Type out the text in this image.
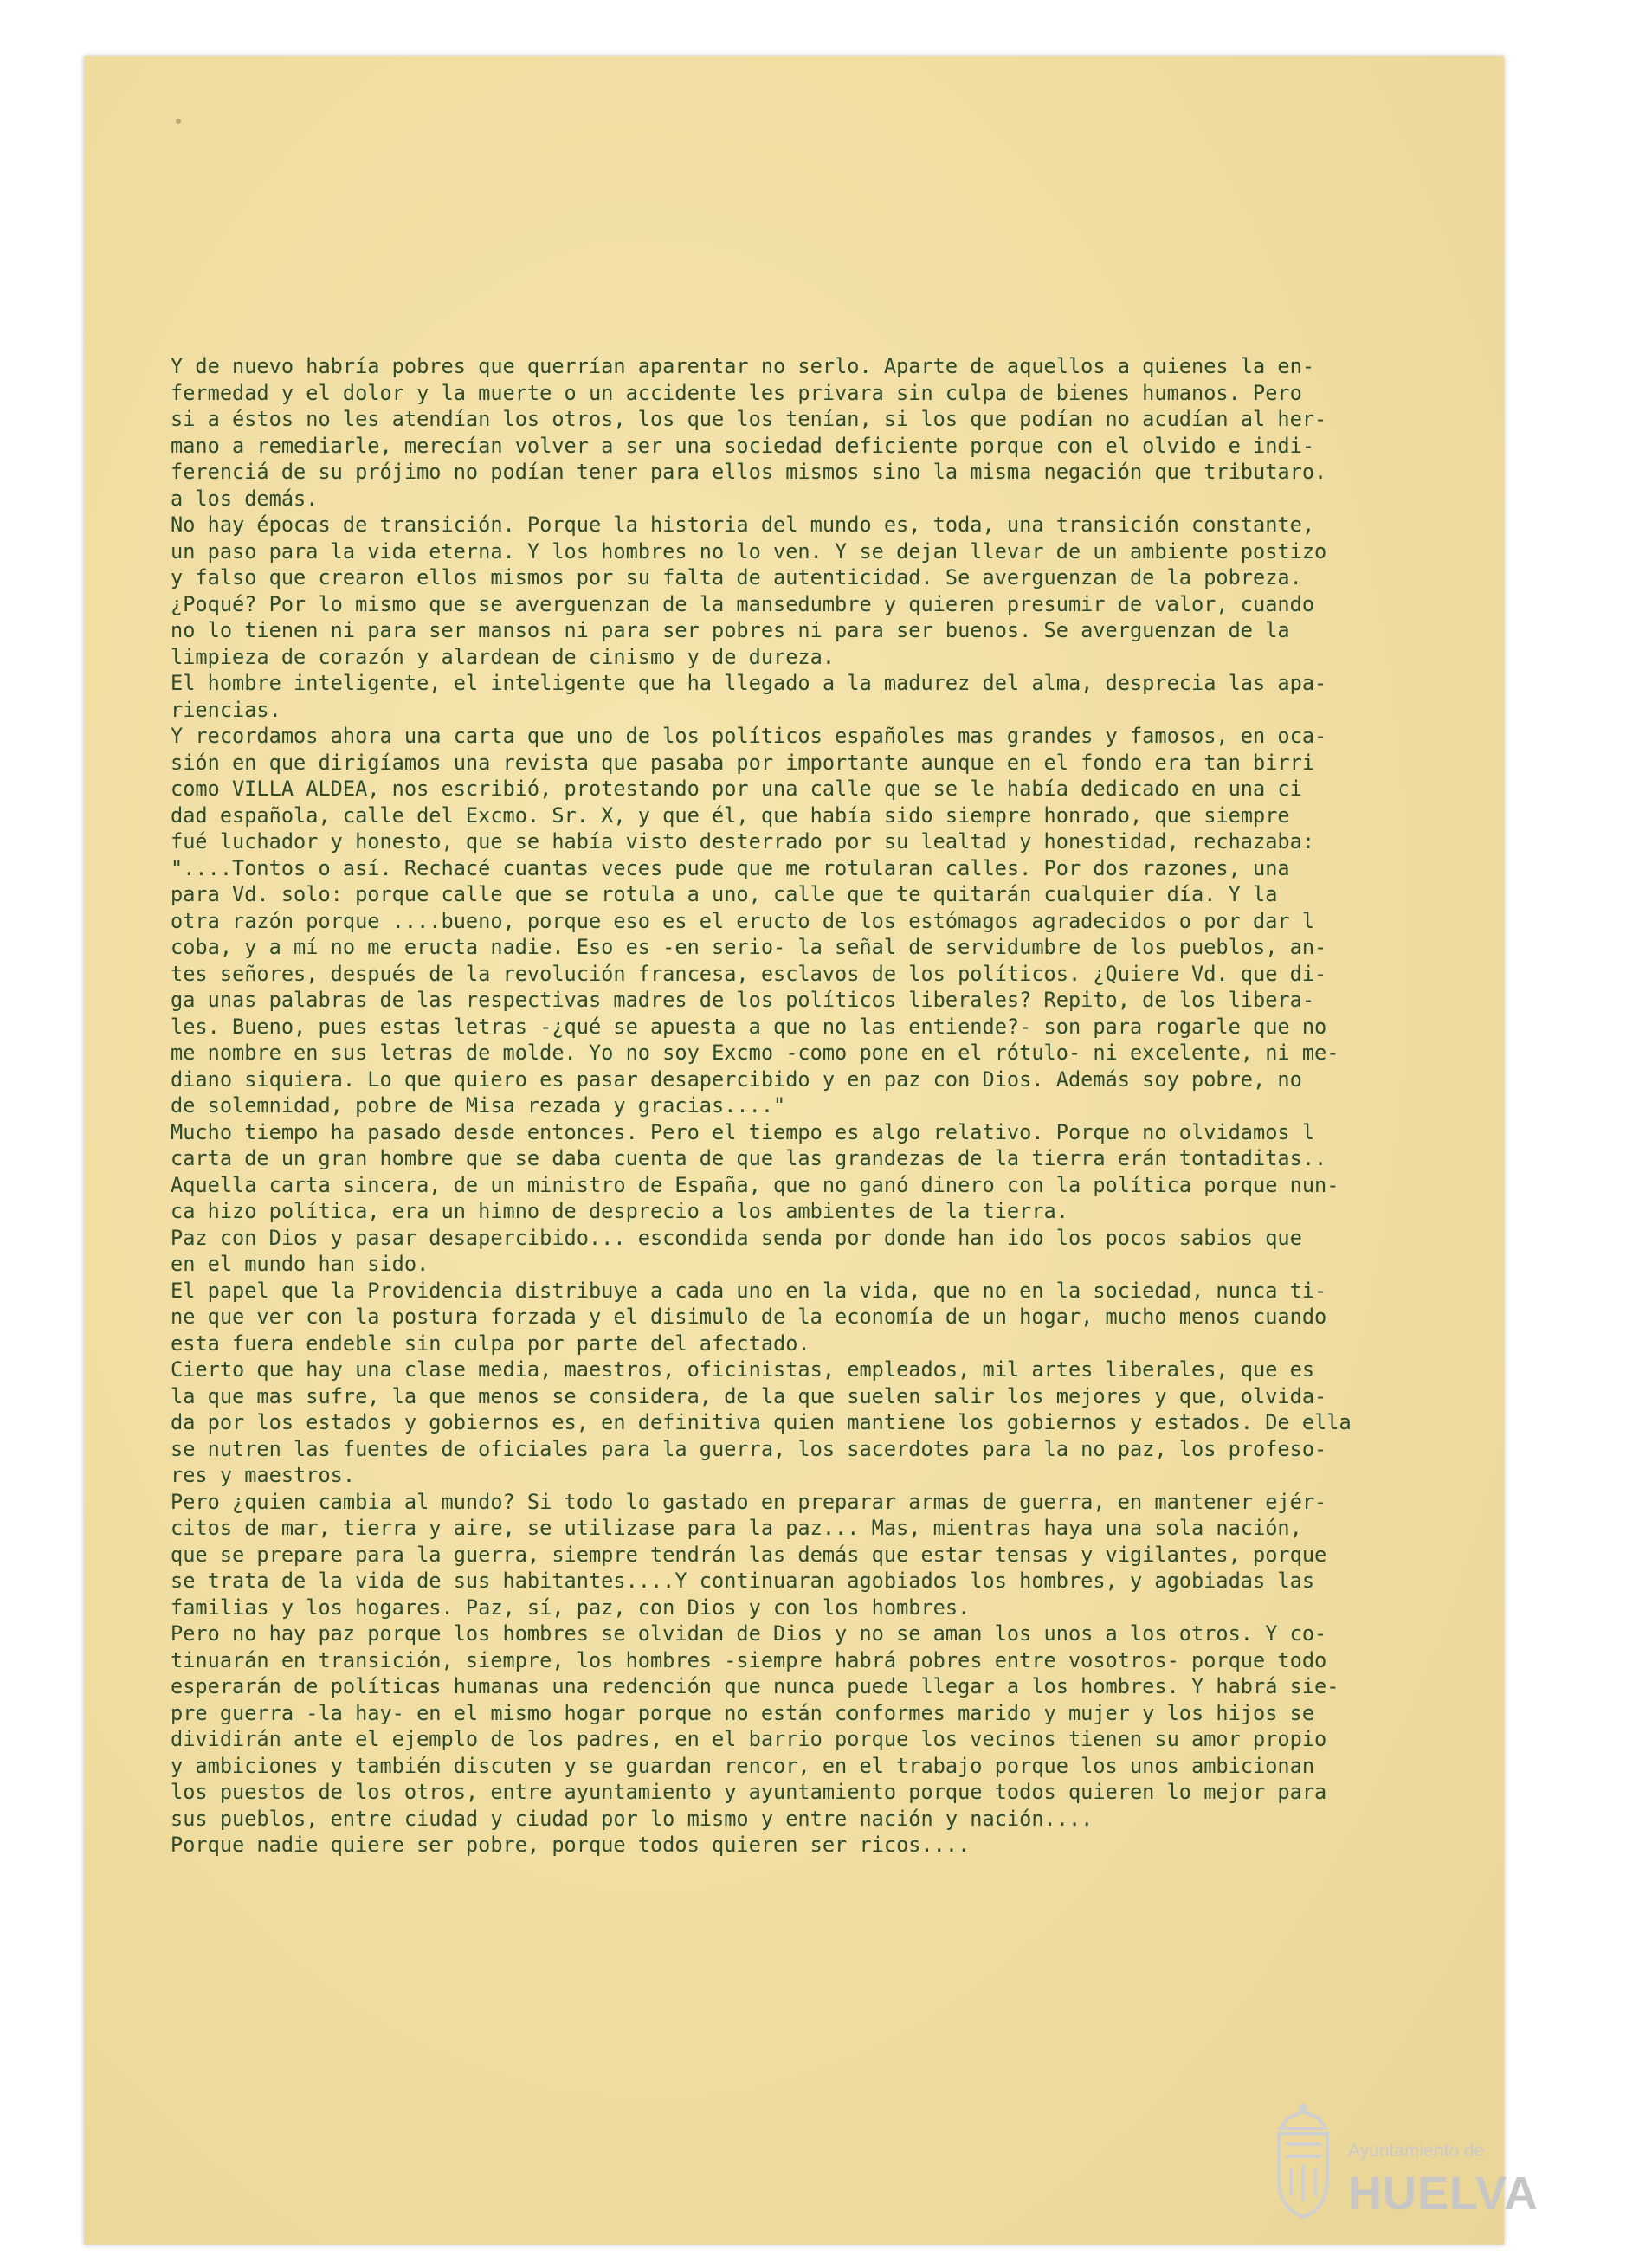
Y de nuevo habría pobres que querrían aparentar no serlo. Aparte de aquellos a quienes la en-
fermedad y el dolor y la muerte o un accidente les privara sin culpa de bienes humanos. Pero
si a éstos no les atendían los otros, los que los tenían, si los que podían no acudían al her-
mano a remediarle, merecían volver a ser una sociedad deficiente porque con el olvido e indi-
ferenciá de su prójimo no podían tener para ellos mismos sino la misma negación que tributaro.
a los demás.
No hay épocas de transición. Porque la historia del mundo es, toda, una transición constante,
un paso para la vida eterna. Y los hombres no lo ven. Y se dejan llevar de un ambiente postizo
y falso que crearon ellos mismos por su falta de autenticidad. Se averguenzan de la pobreza.
¿Poqué? Por lo mismo que se averguenzan de la mansedumbre y quieren presumir de valor, cuando
no lo tienen ni para ser mansos ni para ser pobres ni para ser buenos. Se averguenzan de la
limpieza de corazón y alardean de cinismo y de dureza.
El hombre inteligente, el inteligente que ha llegado a la madurez del alma, desprecia las apa-
riencias.
Y recordamos ahora una carta que uno de los políticos españoles mas grandes y famosos, en oca-
sión en que dirigíamos una revista que pasaba por importante aunque en el fondo era tan birri
como VILLA ALDEA, nos escribió, protestando por una calle que se le había dedicado en una ci
dad española, calle del Excmo. Sr. X, y que él, que había sido siempre honrado, que siempre
fué luchador y honesto, que se había visto desterrado por su lealtad y honestidad, rechazaba:
"....Tontos o así. Rechacé cuantas veces pude que me rotularan calles. Por dos razones, una
para Vd. solo: porque calle que se rotula a uno, calle que te quitarán cualquier día. Y la
otra razón porque ....bueno, porque eso es el eructo de los estómagos agradecidos o por dar l
coba, y a mí no me eructa nadie. Eso es -en serio- la señal de servidumbre de los pueblos, an-
tes señores, después de la revolución francesa, esclavos de los políticos. ¿Quiere Vd. que di-
ga unas palabras de las respectivas madres de los políticos liberales? Repito, de los libera-
les. Bueno, pues estas letras -¿qué se apuesta a que no las entiende?- son para rogarle que no
me nombre en sus letras de molde. Yo no soy Excmo -como pone en el rótulo- ni excelente, ni me-
diano siquiera. Lo que quiero es pasar desapercibido y en paz con Dios. Además soy pobre, no
de solemnidad, pobre de Misa rezada y gracias...."
Mucho tiempo ha pasado desde entonces. Pero el tiempo es algo relativo. Porque no olvidamos l
carta de un gran hombre que se daba cuenta de que las grandezas de la tierra erán tontaditas..
Aquella carta sincera, de un ministro de España, que no ganó dinero con la política porque nun-
ca hizo política, era un himno de desprecio a los ambientes de la tierra.
Paz con Dios y pasar desapercibido... escondida senda por donde han ido los pocos sabios que
en el mundo han sido.
El papel que la Providencia distribuye a cada uno en la vida, que no en la sociedad, nunca ti-
ne que ver con la postura forzada y el disimulo de la economía de un hogar, mucho menos cuando
esta fuera endeble sin culpa por parte del afectado.
Cierto que hay una clase media, maestros, oficinistas, empleados, mil artes liberales, que es
la que mas sufre, la que menos se considera, de la que suelen salir los mejores y que, olvida-
da por los estados y gobiernos es, en definitiva quien mantiene los gobiernos y estados. De ella
se nutren las fuentes de oficiales para la guerra, los sacerdotes para la no paz, los profeso-
res y maestros.
Pero ¿quien cambia al mundo? Si todo lo gastado en preparar armas de guerra, en mantener ejér-
citos de mar, tierra y aire, se utilizase para la paz... Mas, mientras haya una sola nación,
que se prepare para la guerra, siempre tendrán las demás que estar tensas y vigilantes, porque
se trata de la vida de sus habitantes....Y continuaran agobiados los hombres, y agobiadas las
familias y los hogares. Paz, sí, paz, con Dios y con los hombres.
Pero no hay paz porque los hombres se olvidan de Dios y no se aman los unos a los otros. Y co-
tinuarán en transición, siempre, los hombres -siempre habrá pobres entre vosotros- porque todo
esperarán de políticas humanas una redención que nunca puede llegar a los hombres. Y habrá sie-
pre guerra -la hay- en el mismo hogar porque no están conformes marido y mujer y los hijos se
dividirán ante el ejemplo de los padres, en el barrio porque los vecinos tienen su amor propio
y ambiciones y también discuten y se guardan rencor, en el trabajo porque los unos ambicionan
los puestos de los otros, entre ayuntamiento y ayuntamiento porque todos quieren lo mejor para
sus pueblos, entre ciudad y ciudad por lo mismo y entre nación y nación....
Porque nadie quiere ser pobre, porque todos quieren ser ricos....
Ayuntamiento de
HUELVA
